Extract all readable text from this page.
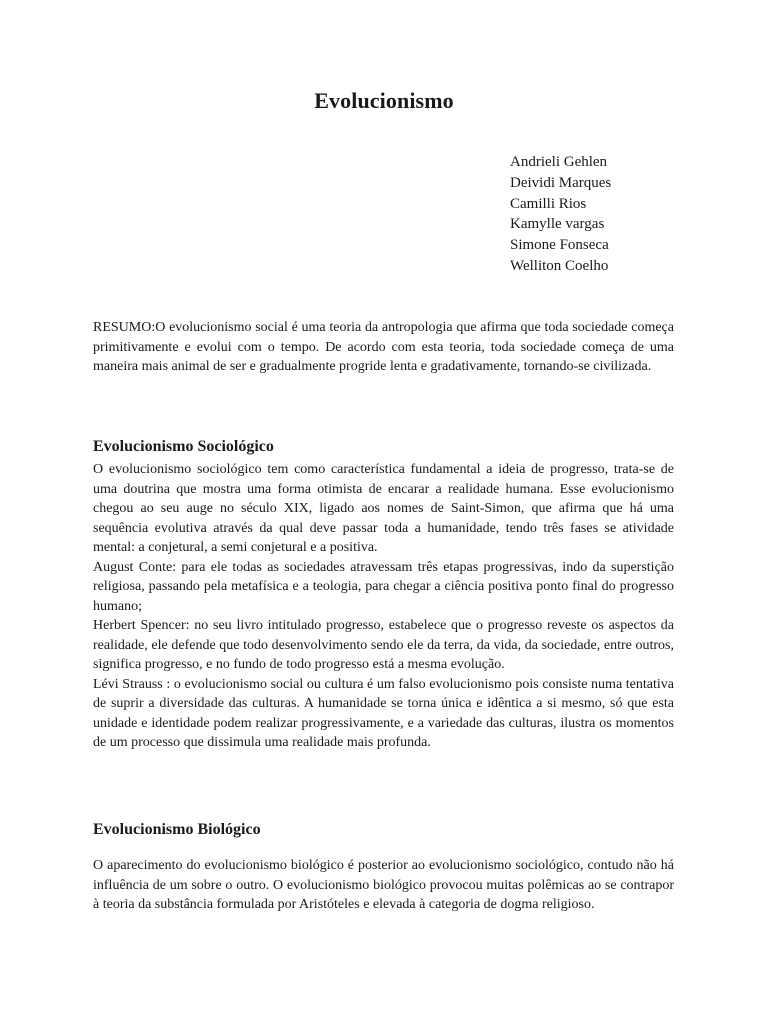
Evolucionismo
Andrieli Gehlen
Deividi Marques
Camilli Rios
Kamylle vargas
Simone Fonseca
Welliton Coelho

RESUMO:O evolucionismo social é uma teoria da antropologia que afirma que toda sociedade começa primitivamente e evolui com o tempo. De acordo com esta teoria, toda sociedade começa de uma maneira mais animal de ser e gradualmente progride lenta e gradativamente, tornando-se civilizada.

Evolucionismo Sociológico

O evolucionismo sociológico tem como característica fundamental a ideia de progresso, trata-se de uma doutrina que mostra uma forma otimista de encarar a realidade humana. Esse evolucionismo chegou ao seu auge no século XIX, ligado aos nomes de Saint-Simon, que afirma que há uma sequência evolutiva através da qual deve passar toda a humanidade, tendo três fases se atividade mental: a conjetural, a semi conjetural e a positiva.

August Conte: para ele todas as sociedades atravessam três etapas progressivas, indo da superstição religiosa, passando pela metafísica e a teologia, para chegar a ciência positiva ponto final do progresso humano;

Herbert Spencer: no seu livro intitulado progresso, estabelece que o progresso reveste os aspectos da realidade, ele defende que todo desenvolvimento sendo ele da terra, da vida, da sociedade, entre outros, significa progresso, e no fundo de todo progresso está a mesma evolução.

Lévi Strauss : o evolucionismo social ou cultura é um falso evolucionismo pois consiste numa tentativa de suprir a diversidade das culturas. A humanidade se torna única e idêntica a si mesmo, só que esta unidade e identidade podem realizar progressivamente, e a variedade das culturas, ilustra os momentos de um processo que dissimula uma realidade mais profunda.

Evolucionismo Biológico

O aparecimento do evolucionismo biológico é posterior ao evolucionismo sociológico, contudo não há influência de um sobre o outro. O evolucionismo biológico provocou muitas polêmicas ao se contrapor à teoria da substância formulada por Aristóteles e elevada à categoria de dogma religioso.
